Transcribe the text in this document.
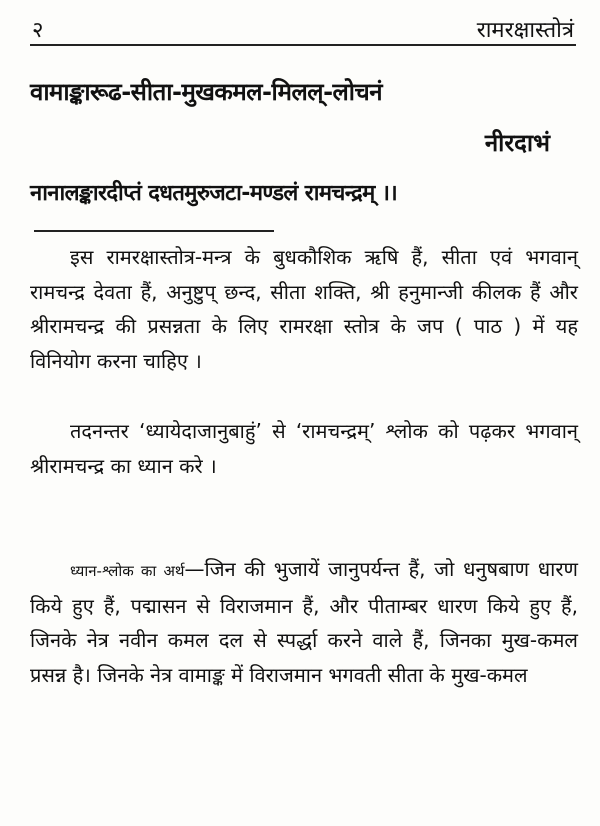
२	रामरक्षास्तोत्रं
वामाङ्कारूढ-सीता-मुखकमल-मिलल्-लोचनं
नीरदाभं
नानालङ्कारदीप्तं दधतमुरुजटा-मण्डलं रामचन्द्रम् ।।

इस रामरक्षास्तोत्र-मन्त्र के बुधकौशिक ऋषि हैं, सीता एवं भगवान् रामचन्द्र देवता हैं, अनुष्टुप् छन्द, सीता शक्ति, श्री हनुमान्जी कीलक हैं और श्रीरामचन्द्र की प्रसन्नता के लिए रामरक्षा स्तोत्र के जप ( पाठ ) में यह विनियोग करना चाहिए ।

तदनन्तर ‘ध्यायेदाजानुबाहुं’ से ‘रामचन्द्रम्’ श्लोक को पढ़कर भगवान् श्रीरामचन्द्र का ध्यान करे ।

ध्यान-श्लोक का अर्थ—जिन की भुजायें जानुपर्यन्त हैं, जो धनुषबाण धारण किये हुए हैं, पद्मासन से विराजमान हैं, और पीताम्बर धारण किये हुए हैं, जिनके नेत्र नवीन कमल दल से स्पर्द्धा करने वाले हैं, जिनका मुख-कमल प्रसन्न है। जिनके नेत्र वामाङ्क में विराजमान भगवती सीता के मुख-कमल
